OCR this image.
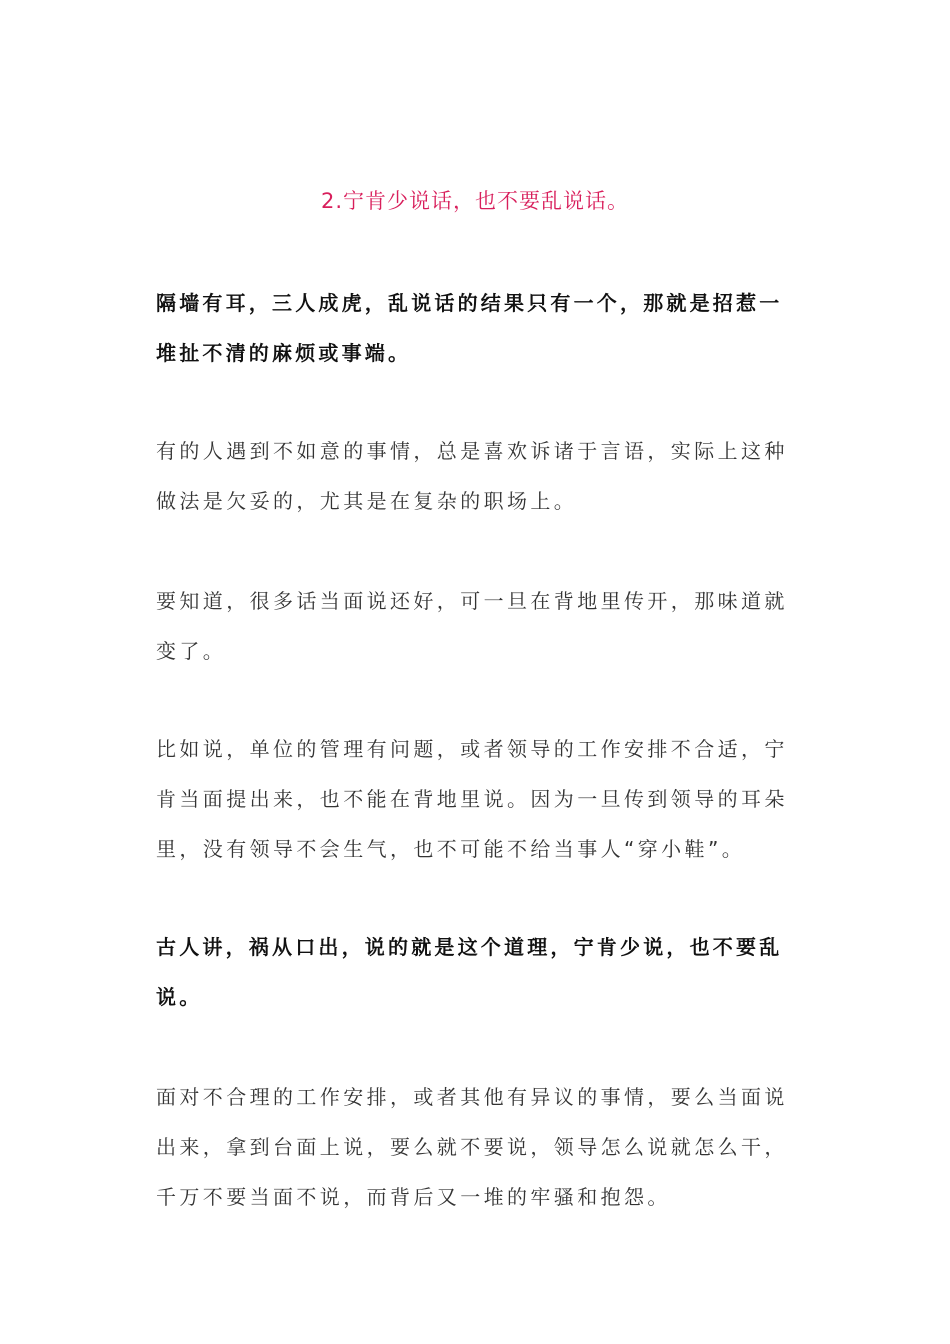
2.宁肯少说话，也不要乱说话。

隔墙有耳，三人成虎，乱说话的结果只有一个，那就是招惹一
堆扯不清的麻烦或事端。

有的人遇到不如意的事情，总是喜欢诉诸于言语，实际上这种
做法是欠妥的，尤其是在复杂的职场上。

要知道，很多话当面说还好，可一旦在背地里传开，那味道就
变了。

比如说，单位的管理有问题，或者领导的工作安排不合适，宁
肯当面提出来，也不能在背地里说。因为一旦传到领导的耳朵
里，没有领导不会生气，也不可能不给当事人“穿小鞋”。

古人讲，祸从口出，说的就是这个道理，宁肯少说，也不要乱
说。

面对不合理的工作安排，或者其他有异议的事情，要么当面说
出来，拿到台面上说，要么就不要说，领导怎么说就怎么干，
千万不要当面不说，而背后又一堆的牢骚和抱怨。
